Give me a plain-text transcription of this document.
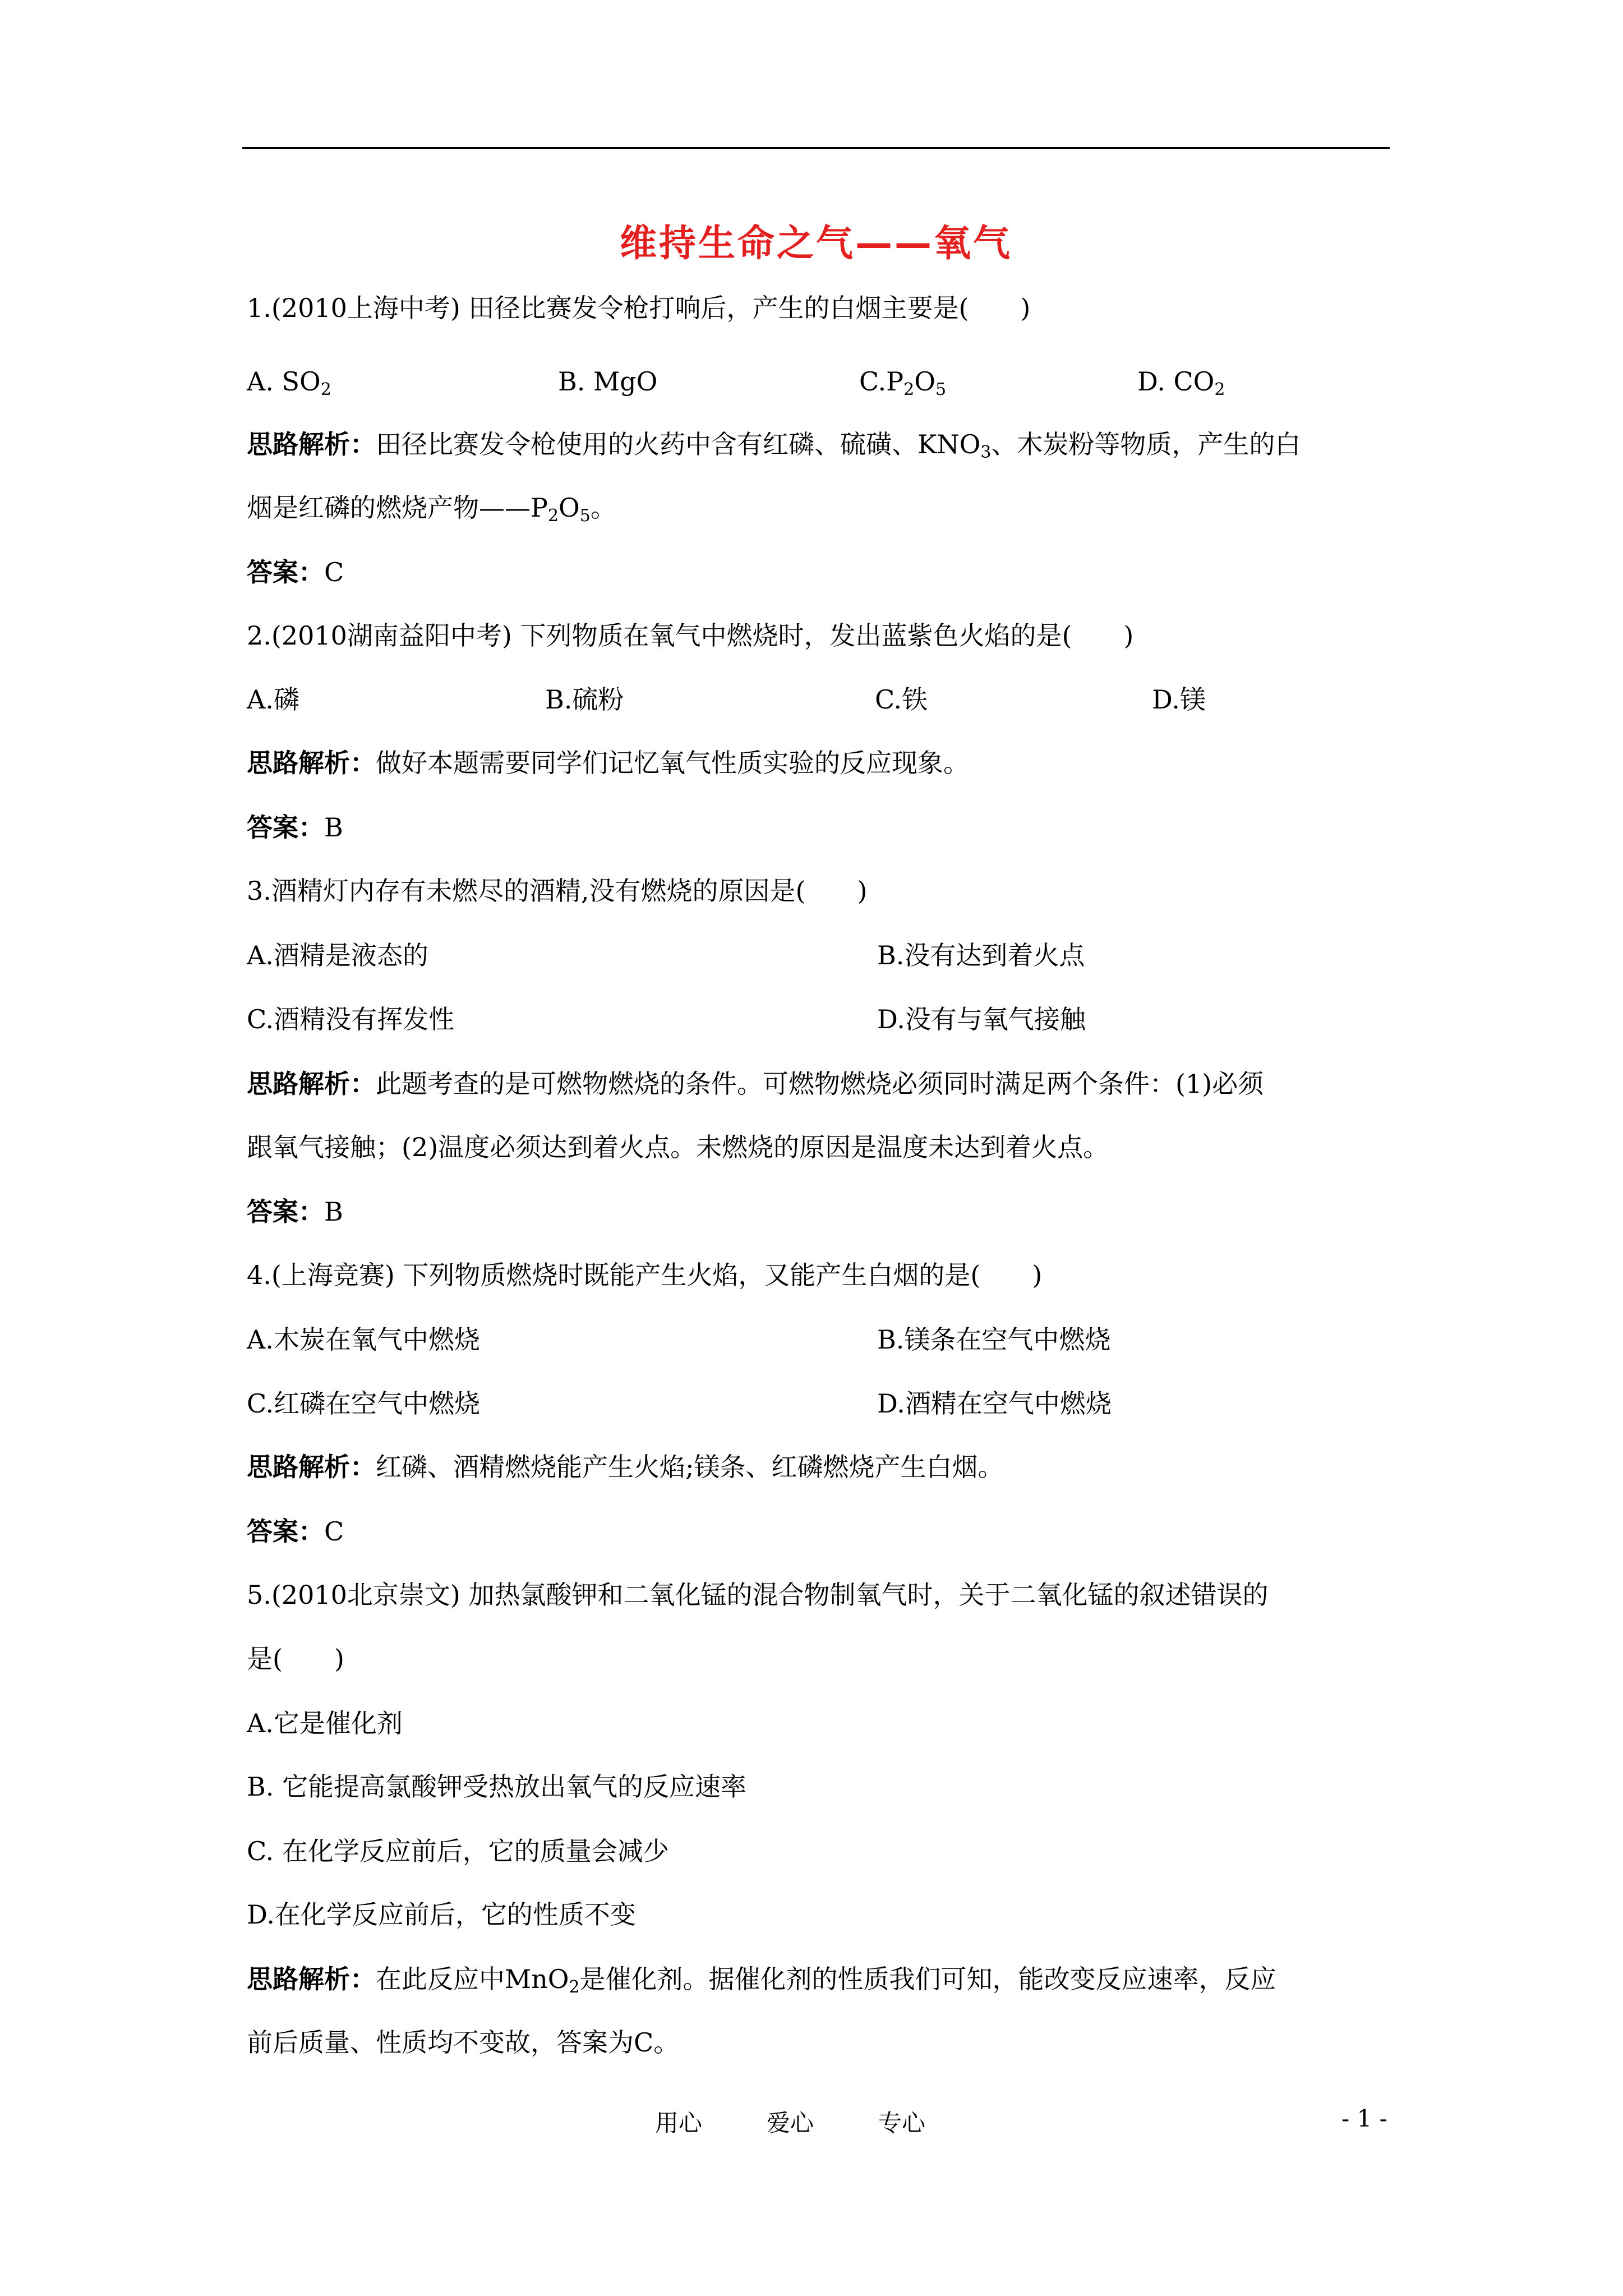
维持生命之气——氧气
1.(2010上海中考) 田径比赛发令枪打响后，产生的白烟主要是(　　)
A. $SO_2$	B. MgO	$C.P_2O_5$	D. $CO_2$
思路解析：田径比赛发令枪使用的火药中含有红磷、硫磺、$KNO_3$、木炭粉等物质，产生的白
烟是红磷的燃烧产物$——P_2O_5$。
答案：C
2.(2010湖南益阳中考) 下列物质在氧气中燃烧时，发出蓝紫色火焰的是(　　)
A.磷	B.硫粉	C.铁	D.镁
思路解析：做好本题需要同学们记忆氧气性质实验的反应现象。
答案：B
3.酒精灯内存有未燃尽的酒精,没有燃烧的原因是(　　)
A.酒精是液态的	B.没有达到着火点
C.酒精没有挥发性	D.没有与氧气接触
思路解析：此题考查的是可燃物燃烧的条件。可燃物燃烧必须同时满足两个条件：(1)必须
跟氧气接触；(2)温度必须达到着火点。未燃烧的原因是温度未达到着火点。
答案：B
4.(上海竞赛) 下列物质燃烧时既能产生火焰，又能产生白烟的是(　　)
A.木炭在氧气中燃烧	B.镁条在空气中燃烧
C.红磷在空气中燃烧	D.酒精在空气中燃烧
思路解析：红磷、酒精燃烧能产生火焰;镁条、红磷燃烧产生白烟。
答案：C
5.(2010北京崇文) 加热氯酸钾和二氧化锰的混合物制氧气时，关于二氧化锰的叙述错误的
是(　　)
A.它是催化剂
B. 它能提高氯酸钾受热放出氧气的反应速率
C. 在化学反应前后，它的质量会减少
D.在化学反应前后，它的性质不变
思路解析：在此反应中MnO$_2$是催化剂。据催化剂的性质我们可知，能改变反应速率，反应
前后质量、性质均不变故，答案为C。
用心	爱心	专心	- 1 -
